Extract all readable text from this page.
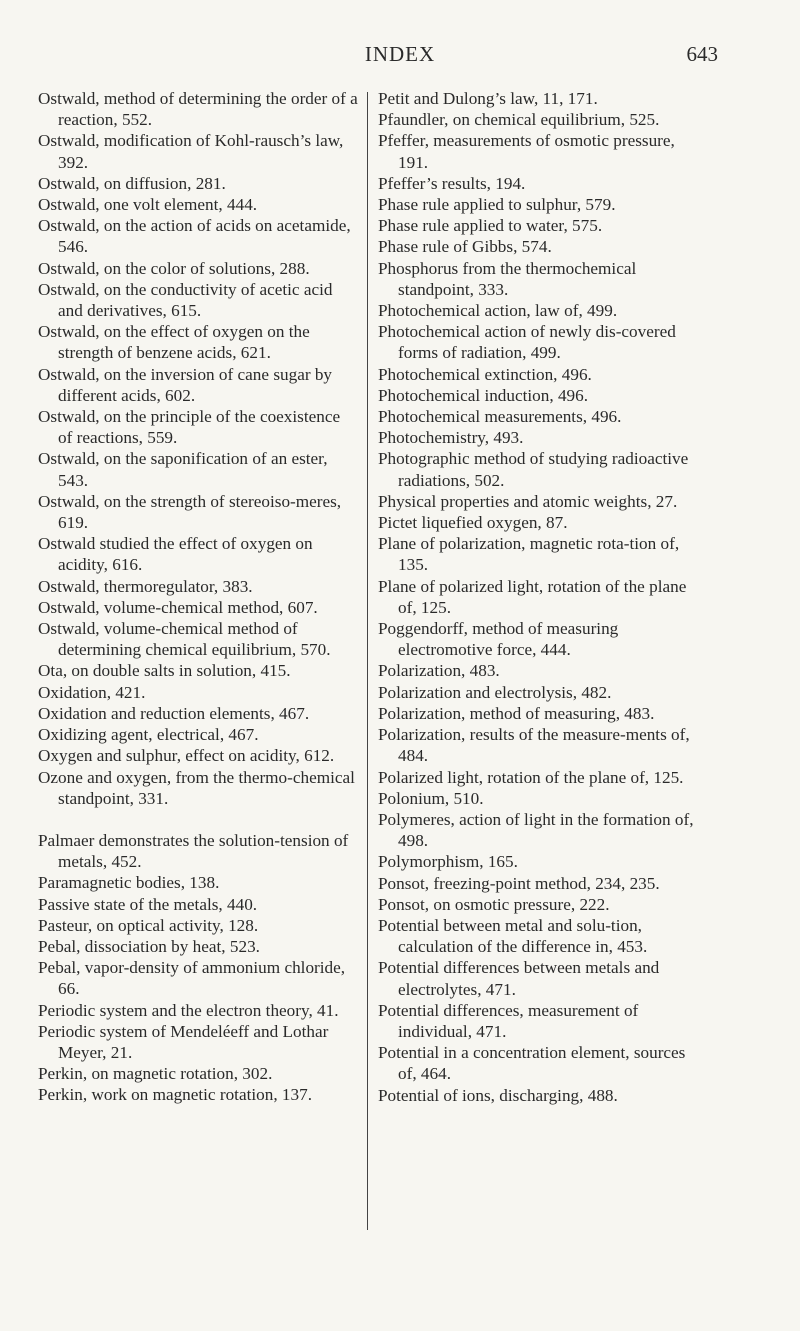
INDEX	643

Ostwald, method of determining the order of a reaction, 552.

Ostwald, modification of Kohl-rausch’s law, 392.

Ostwald, on diffusion, 281.

Ostwald, one volt element, 444.

Ostwald, on the action of acids on acetamide, 546.

Ostwald, on the color of solutions, 288.

Ostwald, on the conductivity of acetic acid and derivatives, 615.

Ostwald, on the effect of oxygen on the strength of benzene acids, 621.

Ostwald, on the inversion of cane sugar by different acids, 602.

Ostwald, on the principle of the coexistence of reactions, 559.

Ostwald, on the saponification of an ester, 543.

Ostwald, on the strength of stereoiso-meres, 619.

Ostwald studied the effect of oxygen on acidity, 616.

Ostwald, thermoregulator, 383.

Ostwald, volume-chemical method, 607.

Ostwald, volume-chemical method of determining chemical equilibrium, 570.

Ota, on double salts in solution, 415.

Oxidation, 421.

Oxidation and reduction elements, 467.

Oxidizing agent, electrical, 467.

Oxygen and sulphur, effect on acidity, 612.

Ozone and oxygen, from the thermo-chemical standpoint, 331.

Palmaer demonstrates the solution-tension of metals, 452.

Paramagnetic bodies, 138.

Passive state of the metals, 440.

Pasteur, on optical activity, 128.

Pebal, dissociation by heat, 523.

Pebal, vapor-density of ammonium chloride, 66.

Periodic system and the electron theory, 41.

Periodic system of Mendeléeff and Lothar Meyer, 21.

Perkin, on magnetic rotation, 302.

Perkin, work on magnetic rotation, 137.

Petit and Dulong’s law, 11, 171.

Pfaundler, on chemical equilibrium, 525.

Pfeffer, measurements of osmotic pressure, 191.

Pfeffer’s results, 194.

Phase rule applied to sulphur, 579.

Phase rule applied to water, 575.

Phase rule of Gibbs, 574.

Phosphorus from the thermochemical standpoint, 333.

Photochemical action, law of, 499.

Photochemical action of newly dis-covered forms of radiation, 499.

Photochemical extinction, 496.

Photochemical induction, 496.

Photochemical measurements, 496.

Photochemistry, 493.

Photographic method of studying radioactive radiations, 502.

Physical properties and atomic weights, 27.

Pictet liquefied oxygen, 87.

Plane of polarization, magnetic rota-tion of, 135.

Plane of polarized light, rotation of the plane of, 125.

Poggendorff, method of measuring electromotive force, 444.

Polarization, 483.

Polarization and electrolysis, 482.

Polarization, method of measuring, 483.

Polarization, results of the measure-ments of, 484.

Polarized light, rotation of the plane of, 125.

Polonium, 510.

Polymeres, action of light in the formation of, 498.

Polymorphism, 165.

Ponsot, freezing-point method, 234, 235.

Ponsot, on osmotic pressure, 222.

Potential between metal and solu-tion, calculation of the difference in, 453.

Potential differences between metals and electrolytes, 471.

Potential differences, measurement of individual, 471.

Potential in a concentration element, sources of, 464.

Potential of ions, discharging, 488.
